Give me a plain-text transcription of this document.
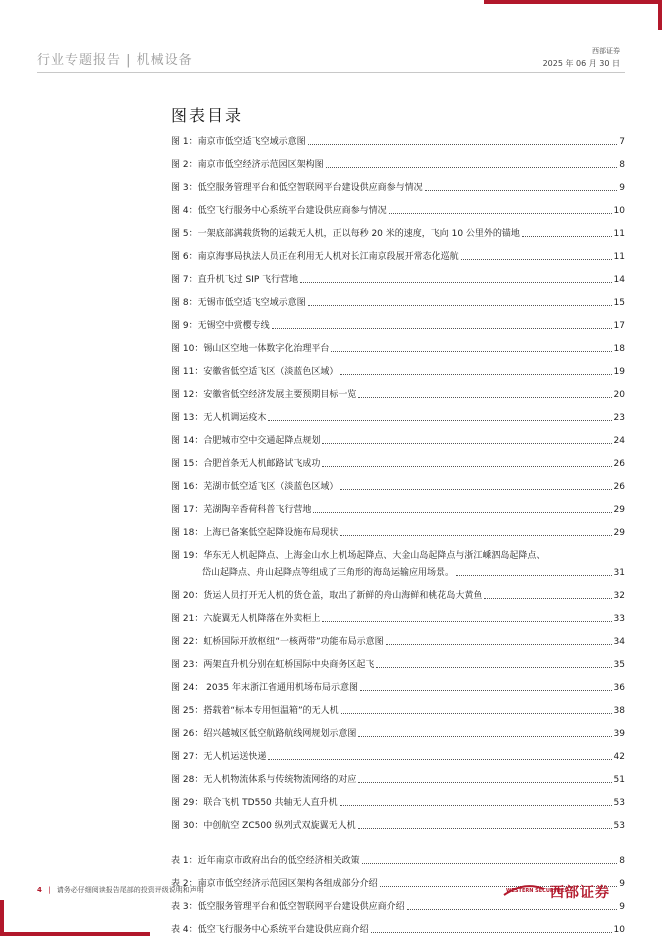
行业专题报告 | 机械设备
西部证券
2025 年 06 月 30 日
图表目录
图 1：南京市低空适飞空域示意图	7
图 2：南京市低空经济示范园区架构图	8
图 3：低空服务管理平台和低空智联网平台建设供应商参与情况	9
图 4：低空飞行服务中心系统平台建设供应商参与情况	10
图 5：一架底部满载货物的运载无人机，正以每秒 20 米的速度，飞向 10 公里外的锚地	11
图 6：南京海事局执法人员正在利用无人机对长江南京段展开常态化巡航	11
图 7：直升机飞过 SIP 飞行营地	14
图 8：无锡市低空适飞空域示意图	15
图 9：无锡空中赏樱专线	17
图 10：锡山区空地一体数字化治理平台	18
图 11：安徽省低空适飞区（淡蓝色区域）	19
图 12：安徽省低空经济发展主要预期目标一览	20
图 13：无人机调运疫木	23
图 14：合肥城市空中交通起降点规划	24
图 15：合肥首条无人机邮路试飞成功	26
图 16：芜湖市低空适飞区（淡蓝色区域）	26
图 17：芜湖陶辛香荷科普飞行营地	29
图 18：上海已备案低空起降设施布局现状	29
图 19：华东无人机起降点、上海金山水上机场起降点、大金山岛起降点与浙江嵊泗岛起降点、
岱山起降点、舟山起降点等组成了三角形的海岛运输应用场景。	31
图 20：货运人员打开无人机的货仓盖，取出了新鲜的舟山海鲜和桃花岛大黄鱼	32
图 21：六旋翼无人机降落在外卖柜上	33
图 22：虹桥国际开放枢纽“一核两带”功能布局示意图	34
图 23：两架直升机分别在虹桥国际中央商务区起飞	35
图 24： 2035 年末浙江省通用机场布局示意图	36
图 25：搭载着“标本专用恒温箱”的无人机	38
图 26：绍兴越城区低空航路航线网规划示意图	39
图 27：无人机运送快递	42
图 28：无人机物流体系与传统物流网络的对应	51
图 29：联合飞机 TD550 共轴无人直升机	53
图 30：中创航空 ZC500 纵列式双旋翼无人机	53
表 1：近年南京市政府出台的低空经济相关政策	8
表 2：南京市低空经济示范园区架构各组成部分介绍	9
表 3：低空服务管理平台和低空智联网平台建设供应商介绍	9
表 4：低空飞行服务中心系统平台建设供应商介绍	10
4 | 请务必仔细阅读报告尾部的投资评级说明和声明	WESTERN SECURITIES
西部证券
